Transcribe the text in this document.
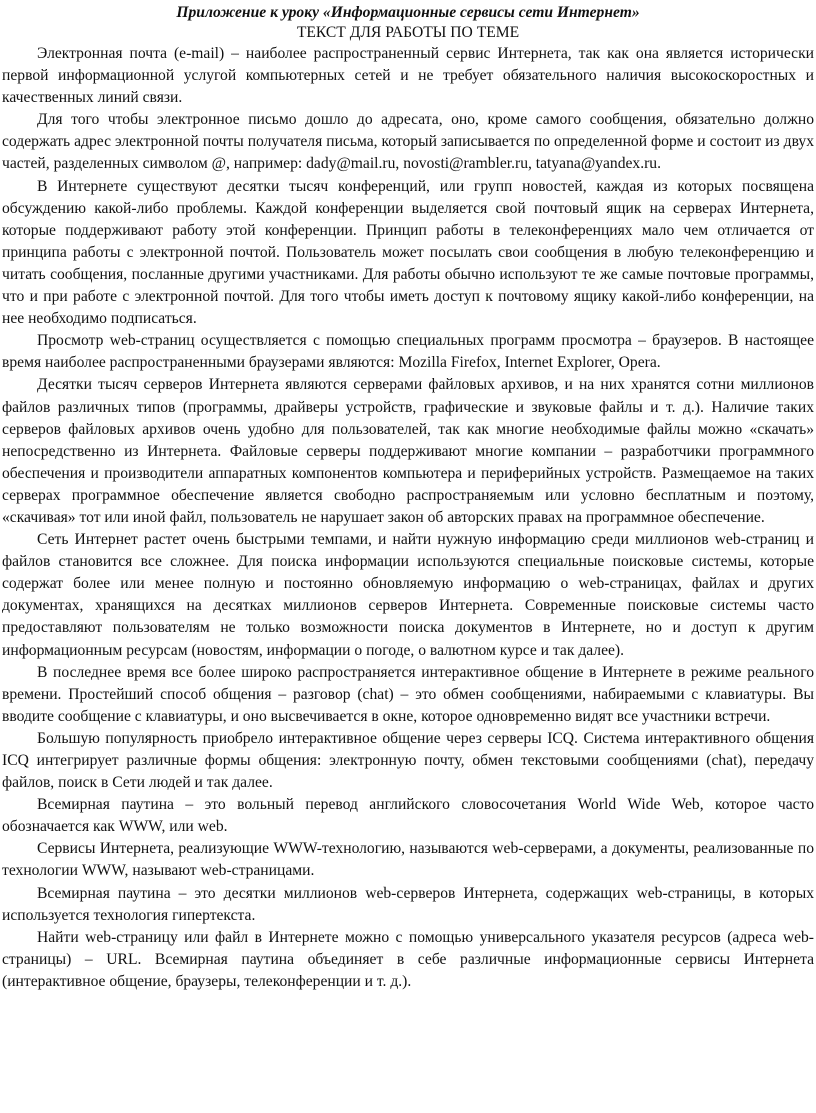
Приложение к уроку «Информационные сервисы сети Интернет»

ТЕКСТ ДЛЯ РАБОТЫ ПО ТЕМЕ

Электронная почта (e-mail) – наиболее распространенный сервис Интернета, так как она является исторически первой информационной услугой компьютерных сетей и не требует обязательного наличия высокоскоростных и качественных линий связи.

Для того чтобы электронное письмо дошло до адресата, оно, кроме самого сообщения, обязательно должно содержать адрес электронной почты получателя письма, который записывается по определенной форме и состоит из двух частей, разделенных символом @, например: dady@mail.ru, novosti@rambler.ru, tatyana@yandex.ru.

В Интернете существуют десятки тысяч конференций, или групп новостей, каждая из которых посвящена обсуждению какой-либо проблемы. Каждой конференции выделяется свой почтовый ящик на серверах Интернета, которые поддерживают работу этой конференции. Принцип работы в телеконференциях мало чем отличается от принципа работы с электронной почтой. Пользователь может посылать свои сообщения в любую телеконференцию и читать сообщения, посланные другими участниками. Для работы обычно используют те же самые почтовые программы, что и при работе с электронной почтой. Для того чтобы иметь доступ к почтовому ящику какой-либо конференции, на нее необходимо подписаться.

Просмотр web-страниц осуществляется с помощью специальных программ просмотра – браузеров. В настоящее время наиболее распространенными браузерами являются: Mozilla Firefox, Internet Explorer, Opera.

Десятки тысяч серверов Интернета являются серверами файловых архивов, и на них хранятся сотни миллионов файлов различных типов (программы, драйверы устройств, графические и звуковые файлы и т. д.). Наличие таких серверов файловых архивов очень удобно для пользователей, так как многие необходимые файлы можно «скачать» непосредственно из Интернета. Файловые серверы поддерживают многие компании – разработчики программного обеспечения и производители аппаратных компонентов компьютера и периферийных устройств. Размещаемое на таких серверах программное обеспечение является свободно распространяемым или условно бесплатным и поэтому, «скачивая» тот или иной файл, пользователь не нарушает закон об авторских правах на программное обеспечение.

Сеть Интернет растет очень быстрыми темпами, и найти нужную информацию среди миллионов web-страниц и файлов становится все сложнее. Для поиска информации используются специальные поисковые системы, которые содержат более или менее полную и постоянно обновляемую информацию о web-страницах, файлах и других документах, хранящихся на десятках миллионов серверов Интернета. Современные поисковые системы часто предоставляют пользователям не только возможности поиска документов в Интернете, но и доступ к другим информационным ресурсам (новостям, информации о погоде, о валютном курсе и так далее).

В последнее время все более широко распространяется интерактивное общение в Интернете в режиме реального времени. Простейший способ общения – разговор (chat) – это обмен сообщениями, набираемыми с клавиатуры. Вы вводите сообщение с клавиатуры, и оно высвечивается в окне, которое одновременно видят все участники встречи.

Большую популярность приобрело интерактивное общение через серверы ICQ. Система интерактивного общения ICQ интегрирует различные формы общения: электронную почту, обмен текстовыми сообщениями (chat), передачу файлов, поиск в Сети людей и так далее.

Всемирная паутина – это вольный перевод английского словосочетания World Wide Web, которое часто обозначается как WWW, или web.

Сервисы Интернета, реализующие WWW-технологию, называются web-серверами, а документы, реализованные по технологии WWW, называют web-страницами.

Всемирная паутина – это десятки миллионов web-серверов Интернета, содержащих web-страницы, в которых используется технология гипертекста.

Найти web-страницу или файл в Интернете можно с помощью универсального указателя ресурсов (адреса web-страницы) – URL. Всемирная паутина объединяет в себе различные информационные сервисы Интернета (интерактивное общение, браузеры, телеконференции и т. д.).
